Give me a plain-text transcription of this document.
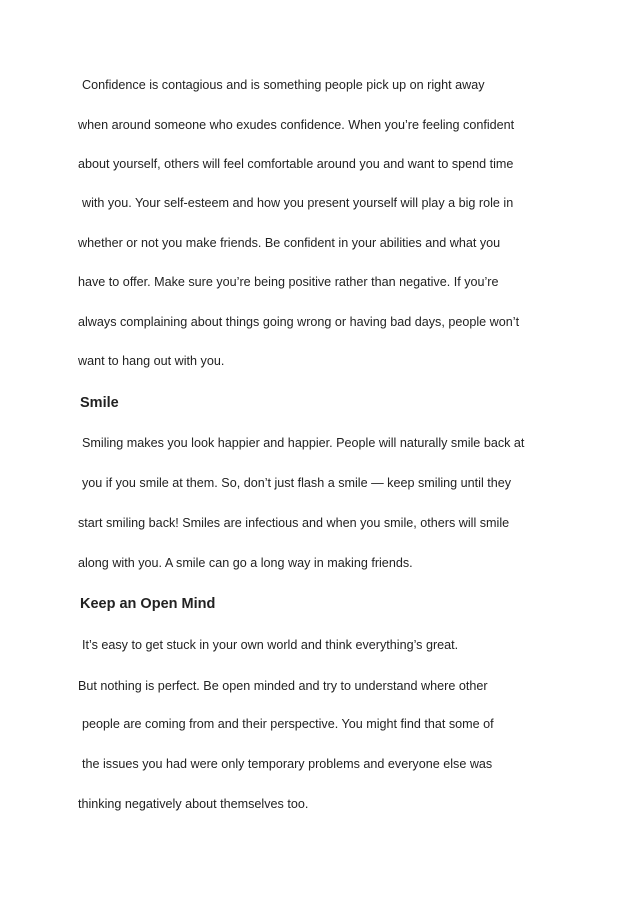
Confidence is contagious and is something people pick up on right away

when around someone who exudes confidence. When you’re feeling confident

about yourself, others will feel comfortable around you and want to spend time

with you. Your self-esteem and how you present yourself will play a big role in

whether or not you make friends. Be confident in your abilities and what you

have to offer. Make sure you’re being positive rather than negative. If you’re

always complaining about things going wrong or having bad days, people won’t

want to hang out with you.

Smile

Smiling makes you look happier and happier. People will naturally smile back at

you if you smile at them. So, don’t just flash a smile — keep smiling until they

start smiling back! Smiles are infectious and when you smile, others will smile

along with you. A smile can go a long way in making friends.

Keep an Open Mind

It’s easy to get stuck in your own world and think everything’s great.

But nothing is perfect. Be open minded and try to understand where other

people are coming from and their perspective. You might find that some of

the issues you had were only temporary problems and everyone else was

thinking negatively about themselves too.
